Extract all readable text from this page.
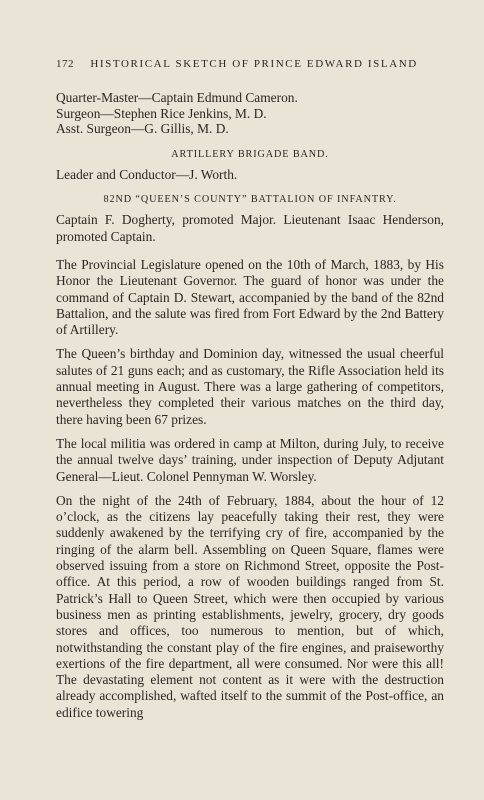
172 HISTORICAL SKETCH OF PRINCE EDWARD ISLAND

Quarter-Master—Captain Edmund Cameron.

Surgeon—Stephen Rice Jenkins, M. D.

Asst. Surgeon—G. Gillis, M. D.

ARTILLERY BRIGADE BAND.

Leader and Conductor—J. Worth.

82ND “QUEEN’S COUNTY” BATTALION OF INFANTRY.

Captain F. Dogherty, promoted Major. Lieutenant Isaac Henderson, promoted Captain.

The Provincial Legislature opened on the 10th of March, 1883, by His Honor the Lieutenant Governor. The guard of honor was under the command of Captain D. Stewart, accompanied by the band of the 82nd Battalion, and the salute was fired from Fort Edward by the 2nd Battery of Artillery.

The Queen’s birthday and Dominion day, witnessed the usual cheerful salutes of 21 guns each; and as customary, the Rifle Association held its annual meeting in August. There was a large gathering of competitors, nevertheless they completed their various matches on the third day, there having been 67 prizes.

The local militia was ordered in camp at Milton, during July, to receive the annual twelve days’ training, under inspection of Deputy Adjutant General—Lieut. Colonel Pennyman W. Worsley.

On the night of the 24th of February, 1884, about the hour of 12 o’clock, as the citizens lay peacefully taking their rest, they were suddenly awakened by the terrifying cry of fire, accompanied by the ringing of the alarm bell. Assembling on Queen Square, flames were observed issuing from a store on Richmond Street, opposite the Post-office. At this period, a row of wooden buildings ranged from St. Patrick’s Hall to Queen Street, which were then occupied by various business men as printing establishments, jewelry, grocery, dry goods stores and offices, too numerous to mention, but of which, notwithstanding the constant play of the fire engines, and praiseworthy exertions of the fire department, all were consumed. Nor were this all! The devastating element not content as it were with the destruction already accomplished, wafted itself to the summit of the Post-office, an edifice towering
